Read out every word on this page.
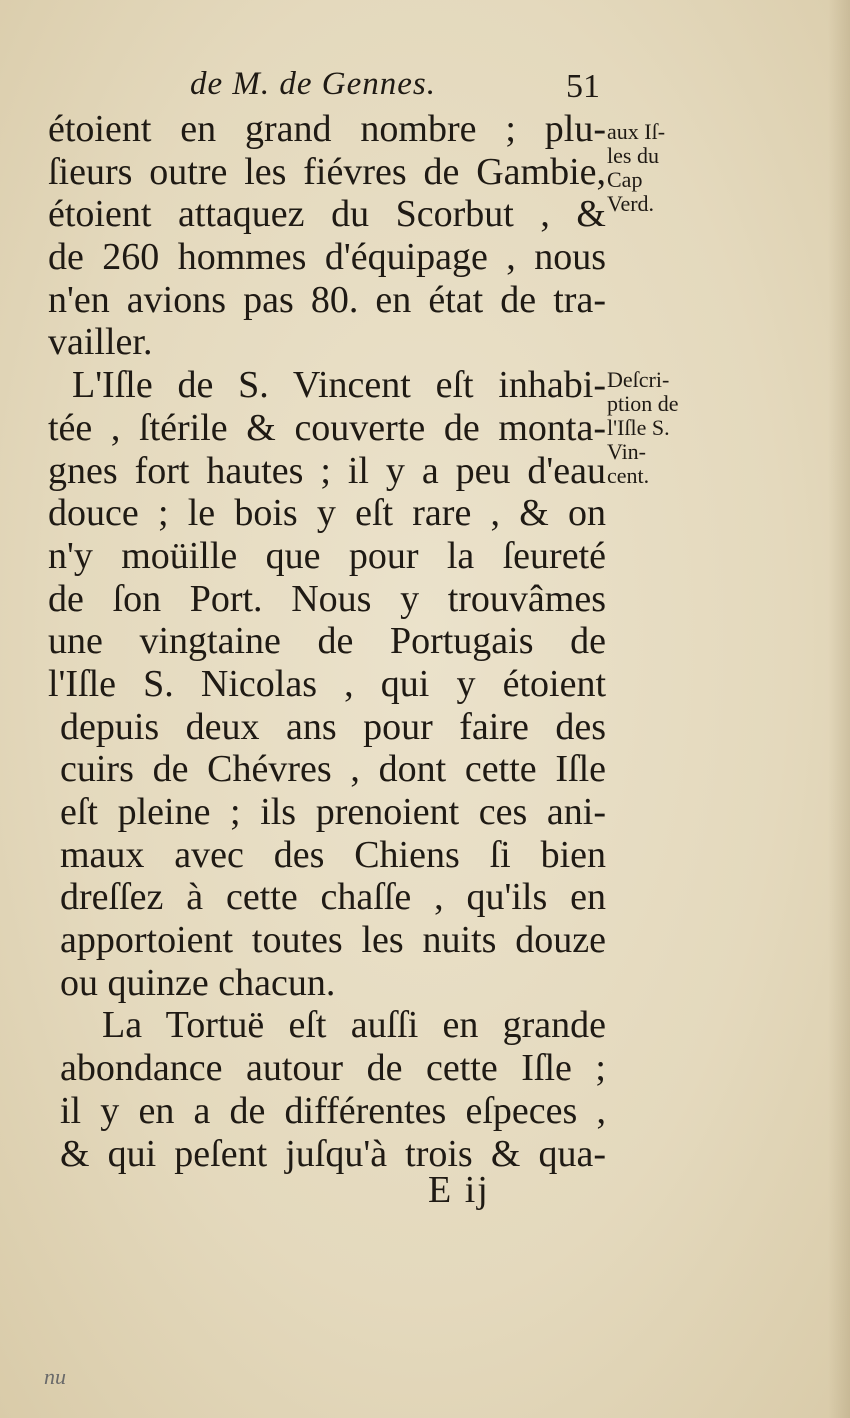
de M. de Gennes.	51
étoient en grand nombre ; plu-
ſieurs outre les fiévres de Gambie,
étoient attaquez du Scorbut , &
de 260 hommes d'équipage , nous
n'en avions pas 80. en état de tra-
vailler.
L'Iſle de S. Vincent eſt inhabi-
tée , ſtérile & couverte de monta-
gnes fort hautes ; il y a peu d'eau
douce ; le bois y eſt rare , & on
n'y moüille que pour la ſeureté
de ſon Port. Nous y trouvâmes
une vingtaine de Portugais de
l'Iſle S. Nicolas , qui y étoient
depuis deux ans pour faire des
cuirs de Chévres , dont cette Iſle
eſt pleine ; ils prenoient ces ani-
maux avec des Chiens ſi bien
dreſſez à cette chaſſe , qu'ils en
apportoient toutes les nuits douze
ou quinze chacun.
La Tortuë eſt auſſi en grande
abondance autour de cette Iſle ;
il y en a de différentes eſpeces ,
& qui peſent juſqu'à trois & qua-
aux Iſ-
les du
Cap
Verd.
Deſcri-
ption de
l'Iſle S.
Vin-
cent.
E ij
nu
